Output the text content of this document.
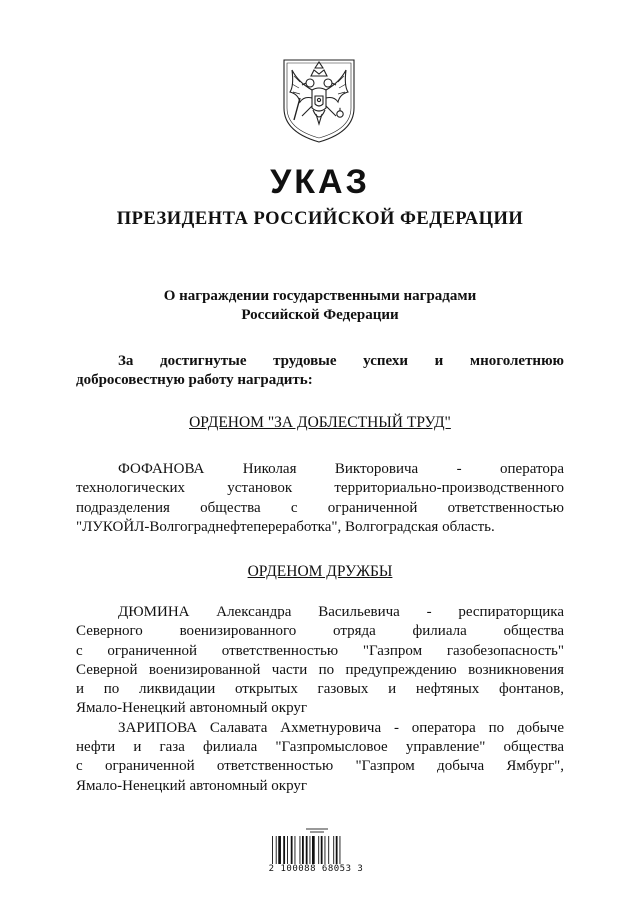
УКАЗ
ПРЕЗИДЕНТА РОССИЙСКОЙ ФЕДЕРАЦИИ
О награждении государственными наградами
Российской Федерации
За достигнутые трудовые успехи и многолетнюю
добросовестную работу наградить:
ОРДЕНОМ "ЗА ДОБЛЕСТНЫЙ ТРУД"
ФОФАНОВА Николая Викторовича - оператора
технологических установок территориально-производственного
подразделения общества с ограниченной ответственностью
"ЛУКОЙЛ-Волгограднефтепереработка", Волгоградская область.
ОРДЕНОМ ДРУЖБЫ
ДЮМИНА Александра Васильевича - респираторщика
Северного военизированного отряда филиала общества
с ограниченной ответственностью "Газпром газобезопасность"
Северной военизированной части по предупреждению возникновения
и по ликвидации открытых газовых и нефтяных фонтанов,
Ямало-Ненецкий автономный округ
ЗАРИПОВА Салавата Ахметнуровича - оператора по добыче
нефти и газа филиала "Газпромысловое управление" общества
с ограниченной ответственностью "Газпром добыча Ямбург",
Ямало-Ненецкий автономный округ
2 100088 68053 3
